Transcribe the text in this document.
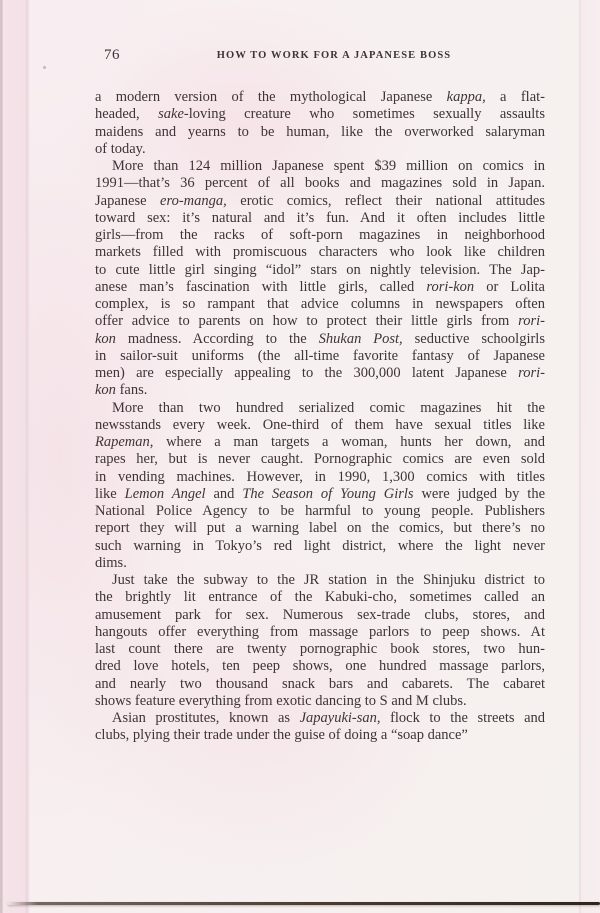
76	HOW TO WORK FOR A JAPANESE BOSS
a modern version of the mythological Japanese kappa, a flat-
headed, sake-loving creature who sometimes sexually assaults
maidens and yearns to be human, like the overworked salaryman
of today.
More than 124 million Japanese spent $39 million on comics in
1991—that’s 36 percent of all books and magazines sold in Japan.
Japanese ero-manga, erotic comics, reflect their national attitudes
toward sex: it’s natural and it’s fun. And it often includes little
girls—from the racks of soft-porn magazines in neighborhood
markets filled with promiscuous characters who look like children
to cute little girl singing “idol” stars on nightly television. The Jap-
anese man’s fascination with little girls, called rori-kon or Lolita
complex, is so rampant that advice columns in newspapers often
offer advice to parents on how to protect their little girls from rori-
kon madness. According to the Shukan Post, seductive schoolgirls
in sailor-suit uniforms (the all-time favorite fantasy of Japanese
men) are especially appealing to the 300,000 latent Japanese rori-
kon fans.
More than two hundred serialized comic magazines hit the
newsstands every week. One-third of them have sexual titles like
Rapeman, where a man targets a woman, hunts her down, and
rapes her, but is never caught. Pornographic comics are even sold
in vending machines. However, in 1990, 1,300 comics with titles
like Lemon Angel and The Season of Young Girls were judged by the
National Police Agency to be harmful to young people. Publishers
report they will put a warning label on the comics, but there’s no
such warning in Tokyo’s red light district, where the light never
dims.
Just take the subway to the JR station in the Shinjuku district to
the brightly lit entrance of the Kabuki-cho, sometimes called an
amusement park for sex. Numerous sex-trade clubs, stores, and
hangouts offer everything from massage parlors to peep shows. At
last count there are twenty pornographic book stores, two hun-
dred love hotels, ten peep shows, one hundred massage parlors,
and nearly two thousand snack bars and cabarets. The cabaret
shows feature everything from exotic dancing to S and M clubs.
Asian prostitutes, known as Japayuki-san, flock to the streets and
clubs, plying their trade under the guise of doing a “soap dance”
